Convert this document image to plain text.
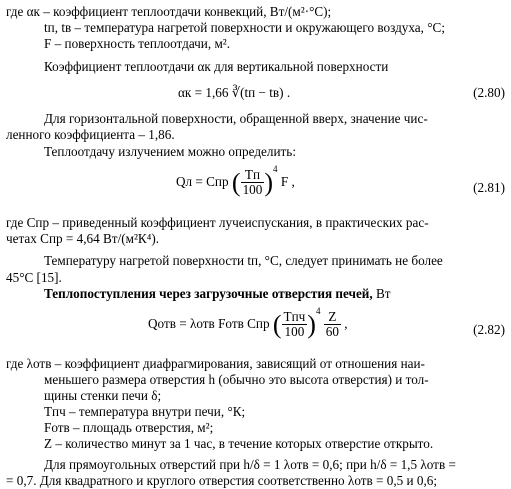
где αк – коэффициент теплоотдачи конвекций, Вт/(м²·°С);
tп, tв – температура нагретой поверхности и окружающего воздуха, °С;
F – поверхность теплоотдачи, м².
Коэффициент теплоотдачи αк для вертикальной поверхности
αк = 1,66 ∛(tп − tв) .	(2.80)
Для горизонтальной поверхности, обращенной вверх, значение чис-
ленного коэффициента – 1,86.
Теплоотдачу излучением можно определить:
Qл = Cпр ( $\frac{Tп}{100} )^4$ F ,	(2.81)
где Cпр – приведенный коэффициент лучеиспускания, в практических рас-
четах Cпр = 4,64 Вт/(м²К⁴).
Температуру нагретой поверхности tп, °С, следует принимать не более
45°С [15].
Теплопоступления через загрузочные отверстия печей, Вт
Qотв = λотв Fотв Cпр ( $\frac{\text{Tпч}}{100} )^4 \frac{Z}{60}$ ,	(2.82)
где λотв – коэффициент диафрагмирования, зависящий от отношения наи-
меньшего размера отверстия h (обычно это высота отверстия) и тол-
щины стенки печи δ;
Tпч – температура внутри печи, °К;
Fотв – площадь отверстия, м²;
Z – количество минут за 1 час, в течение которых отверстие открыто.
Для прямоугольных отверстий при h/δ = 1 λотв = 0,6; при h/δ = 1,5 λотв =
= 0,7. Для квадратного и круглого отверстия соответственно λотв = 0,5 и 0,6;
